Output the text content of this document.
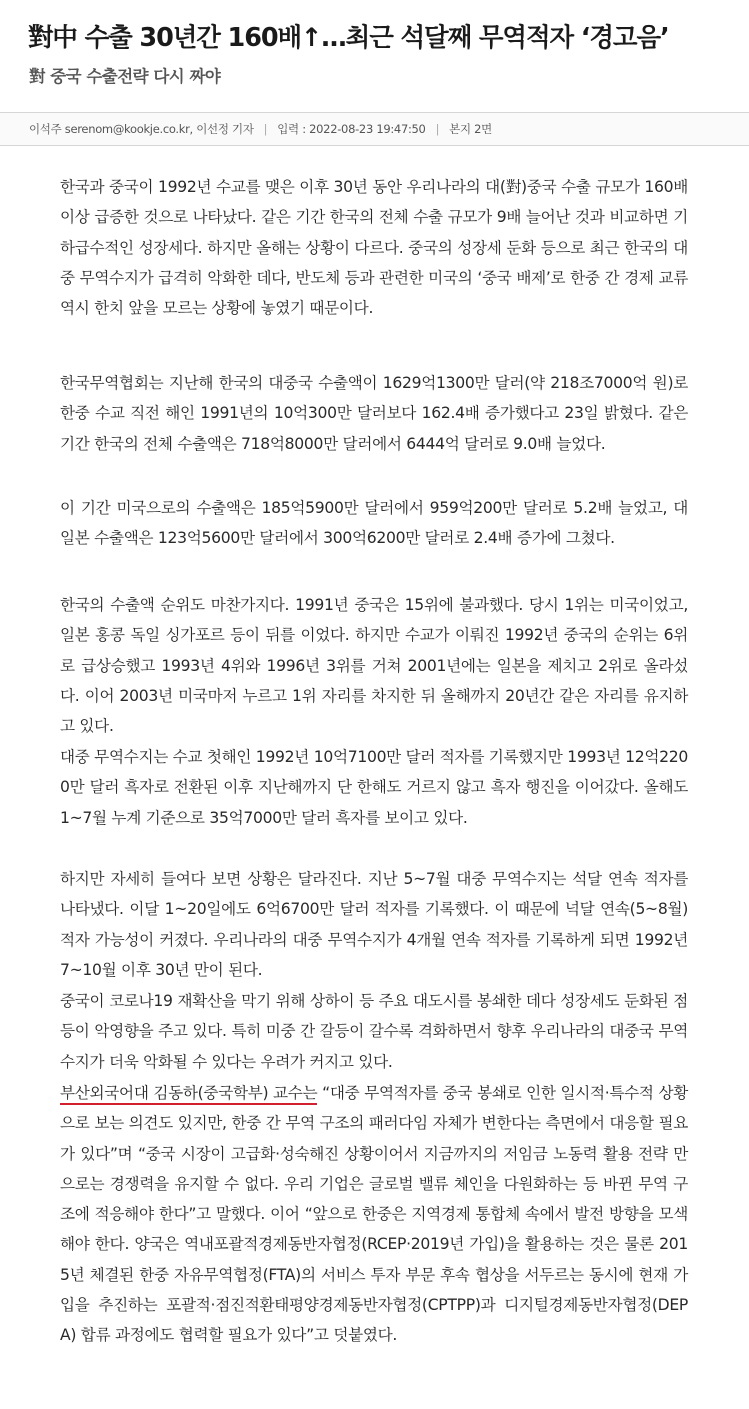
對中 수출 30년간 160배↑…최근 석달째 무역적자 ‘경고음’
對 중국 수출전략 다시 짜야
이석주 serenom@kookje.co.kr, 이선정 기자 | 입력 : 2022-08-23 19:47:50 | 본지 2면

한국과 중국이 1992년 수교를 맺은 이후 30년 동안 우리나라의 대(對)중국 수출 규모가 160배 이상 급증한 것으로 나타났다. 같은 기간 한국의 전체 수출 규모가 9배 늘어난 것과 비교하면 기하급수적인 성장세다. 하지만 올해는 상황이 다르다. 중국의 성장세 둔화 등으로 최근 한국의 대중 무역수지가 급격히 악화한 데다, 반도체 등과 관련한 미국의 ‘중국 배제’로 한중 간 경제 교류 역시 한치 앞을 모르는 상황에 놓였기 때문이다.

한국무역협회는 지난해 한국의 대중국 수출액이 1629억1300만 달러(약 218조7000억 원)로 한중 수교 직전 해인 1991년의 10억300만 달러보다 162.4배 증가했다고 23일 밝혔다. 같은 기간 한국의 전체 수출액은 718억8000만 달러에서 6444억 달러로 9.0배 늘었다.

이 기간 미국으로의 수출액은 185억5900만 달러에서 959억200만 달러로 5.2배 늘었고, 대일본 수출액은 123억5600만 달러에서 300억6200만 달러로 2.4배 증가에 그쳤다.

한국의 수출액 순위도 마찬가지다. 1991년 중국은 15위에 불과했다. 당시 1위는 미국이었고, 일본 홍콩 독일 싱가포르 등이 뒤를 이었다. 하지만 수교가 이뤄진 1992년 중국의 순위는 6위로 급상승했고 1993년 4위와 1996년 3위를 거쳐 2001년에는 일본을 제치고 2위로 올라섰다. 이어 2003년 미국마저 누르고 1위 자리를 차지한 뒤 올해까지 20년간 같은 자리를 유지하고 있다.

대중 무역수지는 수교 첫해인 1992년 10억7100만 달러 적자를 기록했지만 1993년 12억2200만 달러 흑자로 전환된 이후 지난해까지 단 한해도 거르지 않고 흑자 행진을 이어갔다. 올해도 1~7월 누계 기준으로 35억7000만 달러 흑자를 보이고 있다.

하지만 자세히 들여다 보면 상황은 달라진다. 지난 5~7월 대중 무역수지는 석달 연속 적자를 나타냈다. 이달 1~20일에도 6억6700만 달러 적자를 기록했다. 이 때문에 넉달 연속(5~8월) 적자 가능성이 커졌다. 우리나라의 대중 무역수지가 4개월 연속 적자를 기록하게 되면 1992년 7~10월 이후 30년 만이 된다.

중국이 코로나19 재확산을 막기 위해 상하이 등 주요 대도시를 봉쇄한 데다 성장세도 둔화된 점 등이 악영향을 주고 있다. 특히 미중 간 갈등이 갈수록 격화하면서 향후 우리나라의 대중국 무역수지가 더욱 악화될 수 있다는 우려가 커지고 있다.

부산외국어대 김동하(중국학부) 교수는 “대중 무역적자를 중국 봉쇄로 인한 일시적·특수적 상황으로 보는 의견도 있지만, 한중 간 무역 구조의 패러다임 자체가 변한다는 측면에서 대응할 필요가 있다”며 “중국 시장이 고급화·성숙해진 상황이어서 지금까지의 저임금 노동력 활용 전략 만으로는 경쟁력을 유지할 수 없다. 우리 기업은 글로벌 밸류 체인을 다원화하는 등 바뀐 무역 구조에 적응해야 한다”고 말했다. 이어 “앞으로 한중은 지역경제 통합체 속에서 발전 방향을 모색해야 한다. 양국은 역내포괄적경제동반자협정(RCEP·2019년 가입)을 활용하는 것은 물론 2015년 체결된 한중 자유무역협정(FTA)의 서비스 투자 부문 후속 협상을 서두르는 동시에 현재 가입을 추진하는 포괄적·점진적환태평양경제동반자협정(CPTPP)과 디지털경제동반자협정(DEPA) 합류 과정에도 협력할 필요가 있다”고 덧붙였다.
